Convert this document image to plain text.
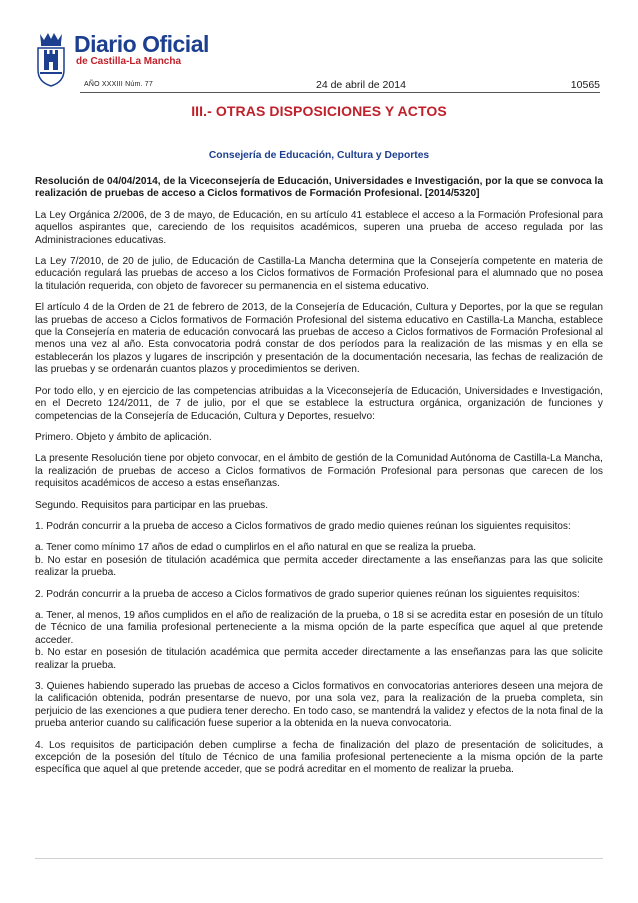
Diario Oficial
de Castilla-La Mancha
AÑO XXXIII Núm. 77	24 de abril de 2014	10565
III.- OTRAS DISPOSICIONES Y ACTOS
Consejería de Educación, Cultura y Deportes

Resolución de 04/04/2014, de la Viceconsejería de Educación, Universidades e Investigación, por la que se convoca la realización de pruebas de acceso a Ciclos formativos de Formación Profesional. [2014/5320]

La Ley Orgánica 2/2006, de 3 de mayo, de Educación, en su artículo 41 establece el acceso a la Formación Profesional para aquellos aspirantes que, careciendo de los requisitos académicos, superen una prueba de acceso regulada por las Administraciones educativas.

La Ley 7/2010, de 20 de julio, de Educación de Castilla-La Mancha determina que la Consejería competente en materia de educación regulará las pruebas de acceso a los Ciclos formativos de Formación Profesional para el alumnado que no posea la titulación requerida, con objeto de favorecer su permanencia en el sistema educativo.

El artículo 4 de la Orden de 21 de febrero de 2013, de la Consejería de Educación, Cultura y Deportes, por la que se regulan las pruebas de acceso a Ciclos formativos de Formación Profesional del sistema educativo en Castilla-La Mancha, establece que la Consejería en materia de educación convocará las pruebas de acceso a Ciclos formativos de Formación Profesional al menos una vez al año. Esta convocatoria podrá constar de dos períodos para la realización de las mismas y en ella se establecerán los plazos y lugares de inscripción y presentación de la documentación necesaria, las fechas de realización de las pruebas y se ordenarán cuantos plazos y procedimientos se deriven.

Por todo ello, y en ejercicio de las competencias atribuidas a la Viceconsejería de Educación, Universidades e Investigación, en el Decreto 124/2011, de 7 de julio, por el que se establece la estructura orgánica, organización de funciones y competencias de la Consejería de Educación, Cultura y Deportes, resuelvo:

Primero. Objeto y ámbito de aplicación.

La presente Resolución tiene por objeto convocar, en el ámbito de gestión de la Comunidad Autónoma de Castilla-La Mancha, la realización de pruebas de acceso a Ciclos formativos de Formación Profesional para personas que carecen de los requisitos académicos de acceso a estas enseñanzas.

Segundo. Requisitos para participar en las pruebas.

1. Podrán concurrir a la prueba de acceso a Ciclos formativos de grado medio quienes reúnan los siguientes requisitos:

a. Tener como mínimo 17 años de edad o cumplirlos en el año natural en que se realiza la prueba.

b. No estar en posesión de titulación académica que permita acceder directamente a las enseñanzas para las que solicite realizar la prueba.

2. Podrán concurrir a la prueba de acceso a Ciclos formativos de grado superior quienes reúnan los siguientes requisitos:

a. Tener, al menos, 19 años cumplidos en el año de realización de la prueba, o 18 si se acredita estar en posesión de un título de Técnico de una familia profesional perteneciente a la misma opción de la parte específica que aquel al que pretende acceder.

b. No estar en posesión de titulación académica que permita acceder directamente a las enseñanzas para las que solicite realizar la prueba.

3. Quienes habiendo superado las pruebas de acceso a Ciclos formativos en convocatorias anteriores deseen una mejora de la calificación obtenida, podrán presentarse de nuevo, por una sola vez, para la realización de la prueba completa, sin perjuicio de las exenciones a que pudiera tener derecho. En todo caso, se mantendrá la validez y efectos de la nota final de la prueba anterior cuando su calificación fuese superior a la obtenida en la nueva convocatoria.

4. Los requisitos de participación deben cumplirse a fecha de finalización del plazo de presentación de solicitudes, a excepción de la posesión del título de Técnico de una familia profesional perteneciente a la misma opción de la parte específica que aquel al que pretende acceder, que se podrá acreditar en el momento de realizar la prueba.
